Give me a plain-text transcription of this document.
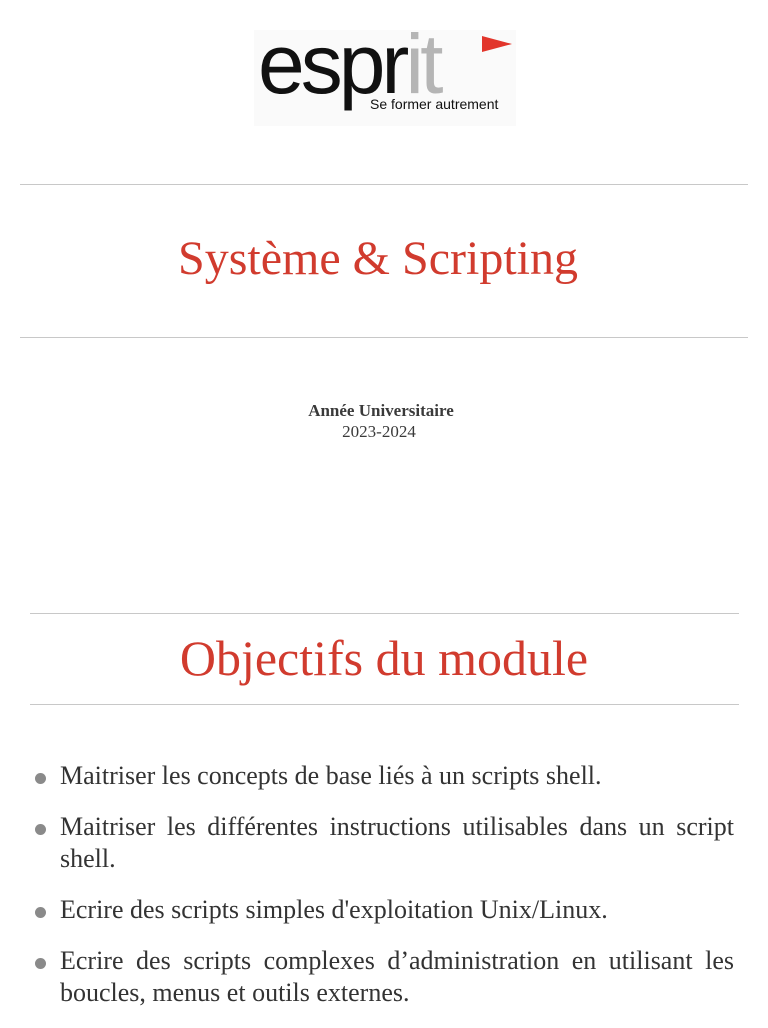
esprit
Se former autrement
Système & Scripting
Année Universitaire
2023-2024
Objectifs du module
Maitriser les concepts de base liés à un scripts shell.
Maitriser les différentes instructions utilisables dans un script shell.
Ecrire des scripts simples d'exploitation Unix/Linux.
Ecrire des scripts complexes d’administration en utilisant les boucles, menus et outils externes.
